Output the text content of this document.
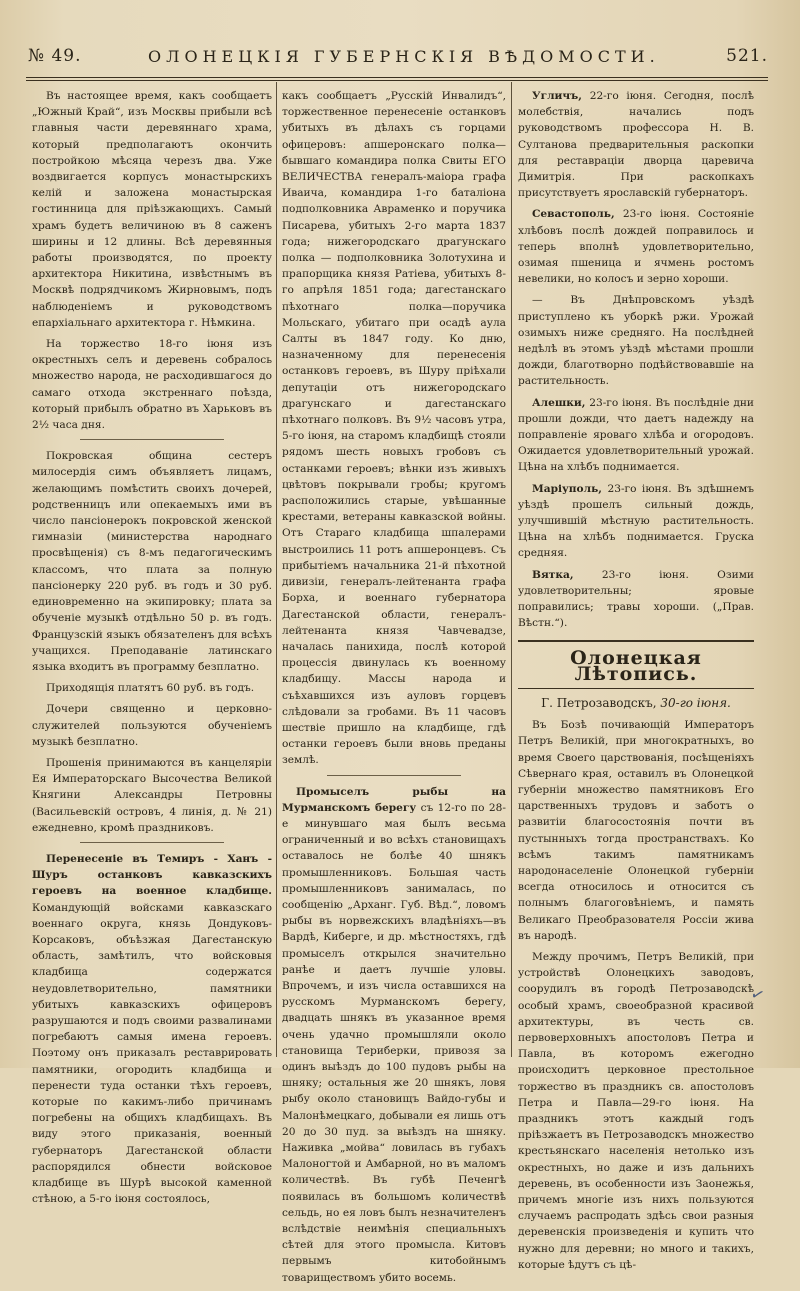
№ 49.	ОЛОНЕЦКІЯ ГУБЕРНСКІЯ ВѢДОМОСТИ.	521.

Въ настоящее время, какъ сообщаетъ „Южный Край“, изъ Москвы прибыли всѣ главныя части деревяннаго храма, который предполагаютъ окончить постройкою мѣсяца черезъ два. Уже воздвигается корпусъ монастырскихъ келій и заложена монастырская гостинница для пріѣзжающихъ. Самый храмъ будетъ величиною въ 8 саженъ ширины и 12 длины. Всѣ деревянныя работы производятся, по проекту архитектора Никитина, извѣстнымъ въ Москвѣ подрядчикомъ Жирновымъ, подъ наблюденіемъ и руководствомъ епархіальнаго архитектора г. Нѣмкина.

На торжество 18-го іюня изъ окрестныхъ селъ и деревень собралось множество народа, не расходившагося до самаго отхода экстреннаго поѣзда, который прибылъ обратно въ Харьковъ въ 2½ часа дня.

Покровская община сестеръ милосердія симъ объявляетъ лицамъ, желающимъ помѣстить своихъ дочерей, родственницъ или опекаемыхъ ими въ число пансіонерокъ покровской женской гимназіи (министерства народнаго просвѣщенія) съ 8-мъ педагогическимъ классомъ, что плата за полную пансіонерку 220 руб. въ годъ и 30 руб. единовременно на экипировку; плата за обученіе музыкѣ отдѣльно 50 р. въ годъ. Французскій языкъ обязателенъ для всѣхъ учащихся. Преподаваніе латинскаго языка входитъ въ программу безплатно.

Приходящія платятъ 60 руб. въ годъ.

Дочери священно и церковно-служителей пользуются обученіемъ музыкѣ безплатно.

Прошенія принимаются въ канцеляріи Ея Императорскаго Высочества Великой Княгини Александры Петровны (Васильевскій островъ, 4 линія, д. № 21) ежедневно, кромѣ праздниковъ.

Перенесеніе въ Темиръ - Ханъ - Шуръ останковъ кавказскихъ героевъ на военное кладбище. Командующій войсками кавказскаго военнаго округа, князь Дондуковъ-Корсаковъ, объѣзжая Дагестанскую область, замѣтилъ, что войсковыя кладбища содержатся неудовлетворительно, памятники убитыхъ кавказскихъ офицеровъ разрушаются и подъ своими развалинами погребаютъ самыя имена героевъ. Поэтому онъ приказалъ реставрировать памятники, огородить кладбища и перенести туда останки тѣхъ героевъ, которые по какимъ-либо причинамъ погребены на общихъ кладбищахъ. Въ виду этого приказанія, военный губернаторъ Дагестанской области распорядился обнести войсковое кладбище въ Шурѣ высокой каменной стѣною, а 5-го іюня состоялось,

какъ сообщаетъ „Русскій Инвалидъ“, торжественное перенесеніе останковъ убитыхъ въ дѣлахъ съ горцами офицеровъ: апшеронскаго полка—бывшаго командира полка Свиты ЕГО ВЕЛИЧЕСТВА генералъ-маіора графа Иваича, командира 1-го баталіона подполковника Авраменко и поручика Писарева, убитыхъ 2-го марта 1837 года; нижегородскаго драгунскаго полка — подполковника Золотухина и прапорщика князя Ратіева, убитыхъ 8-го апрѣля 1851 года; дагестанскаго пѣхотнаго полка—поручика Мольскаго, убитаго при осадѣ аула Салты въ 1847 году. Ко дню, назначенному для перенесенія останковъ героевъ, въ Шуру пріѣхали депутаціи отъ нижегородскаго драгунскаго и дагестанскаго пѣхотнаго полковъ. Въ 9½ часовъ утра, 5-го іюня, на старомъ кладбищѣ стояли рядомъ шесть новыхъ гробовъ съ останками героевъ; вѣнки изъ живыхъ цвѣтовъ покрывали гробы; кругомъ расположились старые, увѣшанные крестами, ветераны кавказской войны. Отъ Стараго кладбища шпалерами выстроились 11 ротъ апшеронцевъ. Съ прибытіемъ начальника 21-й пѣхотной дивизіи, генералъ-лейтенанта графа Борха, и военнаго губернатора Дагестанской области, генералъ-лейтенанта князя Чавчевадзе, началась панихида, послѣ которой процессія двинулась къ военному кладбищу. Массы народа и съѣхавшихся изъ ауловъ горцевъ слѣдовали за гробами. Въ 11 часовъ шествіе пришло на кладбище, гдѣ останки героевъ были вновь преданы землѣ.

Промыселъ рыбы на Мурманскомъ берегу съ 12-го по 28-е минувшаго мая былъ весьма ограниченный и во всѣхъ становищахъ оставалось не болѣе 40 шнякъ промышленниковъ. Большая часть промышленниковъ занималась, по сообщенію „Арханг. Губ. Вѣд.“, ловомъ рыбы въ норвежскихъ владѣніяхъ—въ Вардѣ, Киберге, и др. мѣстностяхъ, гдѣ промыселъ открылся значительно ранѣе и даетъ лучшіе уловы. Впрочемъ, и изъ числа оставшихся на русскомъ Мурманскомъ берегу, двадцать шнякъ въ указанное время очень удачно промышляли около становища Териберки, привозя за одинъ выѣздъ до 100 пудовъ рыбы на шняку; остальныя же 20 шнякъ, ловя рыбу около становищъ Вайдо-губы и Малонѣмецкаго, добывали ея лишь отъ 20 до 30 пуд. за выѣздъ на шняку. Наживка „мойва“ ловилась въ губахъ Малоногтой и Амбарной, но въ маломъ количествѣ. Въ губѣ Печенгѣ появилась въ большомъ количествѣ сельдь, но ея ловъ былъ незначителенъ вслѣдствіе неимѣнія специальныхъ сѣтей для этого промысла. Китовъ первымъ китобойнымъ товариществомъ убито восемь.

Угличъ, 22-го іюня. Сегодня, послѣ молебствія, начались подъ руководствомъ профессора Н. В. Султанова предварительныя раскопки для реставраціи дворца царевича Димитрія. При раскопкахъ присутствуетъ ярославскій губернаторъ.

Севастополь, 23-го іюня. Состояніе хлѣбовъ послѣ дождей поправилось и теперь вполнѣ удовлетворительно, озимая пшеница и ячмень ростомъ невелики, но колосъ и зерно хороши.

— Въ Днѣпровскомъ уѣздѣ приступлено къ уборкѣ ржи. Урожай озимыхъ ниже средняго. На послѣдней недѣлѣ въ этомъ уѣздѣ мѣстами прошли дожди, благотворно подѣйствовавшіе на растительность.

Алешки, 23-го іюня. Въ послѣдніе дни прошли дожди, что даетъ надежду на поправленіе яроваго хлѣба и огородовъ. Ожидается удовлетворительный урожай. Цѣна на хлѣбъ поднимается.

Маріуполь, 23-го іюня. Въ здѣшнемъ уѣздѣ прошелъ сильный дождь, улучшившій мѣстную растительность. Цѣна на хлѣбъ поднимается. Груска средняя.

Вятка, 23-го іюня. Озими удовлетворительны; яровые поправились; травы хороши. („Прав. Вѣстн.“).

Олонецкая Лѣтопись.
Г. Петрозаводскъ, 30-го іюня.

Въ Бозѣ почивающій Императоръ Петръ Великій, при многократныхъ, во время Своего царствованія, посѣщеніяхъ Сѣвернаго края, оставилъ въ Олонецкой губерніи множество памятниковъ Его царственныхъ трудовъ и заботъ о развитіи благосостоянія почти въ пустынныхъ тогда пространствахъ. Ко всѣмъ такимъ памятникамъ народонаселеніе Олонецкой губерніи всегда относилось и относится съ полнымъ благоговѣніемъ, и память Великаго Преобразователя Россіи жива въ народѣ.

Между прочимъ, Петръ Великій, при устройствѣ Олонецкихъ заводовъ, соорудилъ въ городѣ Петрозаводскѣ особый храмъ, своеобразной красивой архитектуры, въ честь св. первоверховныхъ апостоловъ Петра и Павла, въ которомъ ежегодно происходитъ церковное престольное торжество въ праздникъ св. апостоловъ Петра и Павла—29-го іюня. На праздникъ этотъ каждый годъ пріѣзжаетъ въ Петрозаводскъ множество крестьянскаго населенія нетолько изъ окрестныхъ, но даже и изъ дальнихъ деревень, въ особенности изъ Заонежья, причемъ многіе изъ нихъ пользуются случаемъ распродать здѣсь свои разныя деревенскія произведенія и купить что нужно для деревни; но много и такихъ, которые ѣдутъ съ цѣ-

✓
